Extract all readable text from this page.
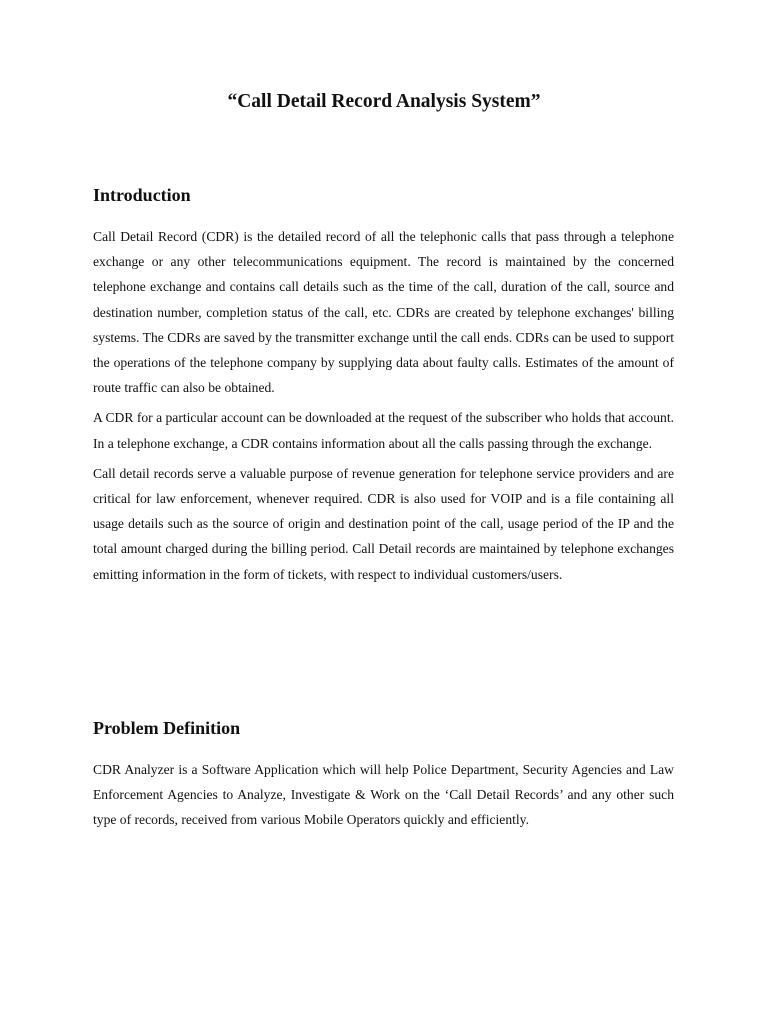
“Call Detail Record Analysis System”
Introduction

Call Detail Record (CDR) is the detailed record of all the telephonic calls that pass through a telephone exchange or any other telecommunications equipment. The record is maintained by the concerned telephone exchange and contains call details such as the time of the call, duration of the call, source and destination number, completion status of the call, etc. CDRs are created by telephone exchanges' billing systems. The CDRs are saved by the transmitter exchange until the call ends. CDRs can be used to support the operations of the telephone company by supplying data about faulty calls. Estimates of the amount of route traffic can also be obtained.

A CDR for a particular account can be downloaded at the request of the subscriber who holds that account. In a telephone exchange, a CDR contains information about all the calls passing through the exchange.

Call detail records serve a valuable purpose of revenue generation for telephone service providers and are critical for law enforcement, whenever required. CDR is also used for VOIP and is a file containing all usage details such as the source of origin and destination point of the call, usage period of the IP and the total amount charged during the billing period. Call Detail records are maintained by telephone exchanges emitting information in the form of tickets, with respect to individual customers/users.

Problem Definition

CDR Analyzer is a Software Application which will help Police Department, Security Agencies and Law Enforcement Agencies to Analyze, Investigate & Work on the ‘Call Detail Records’ and any other such type of records, received from various Mobile Operators quickly and efficiently.
